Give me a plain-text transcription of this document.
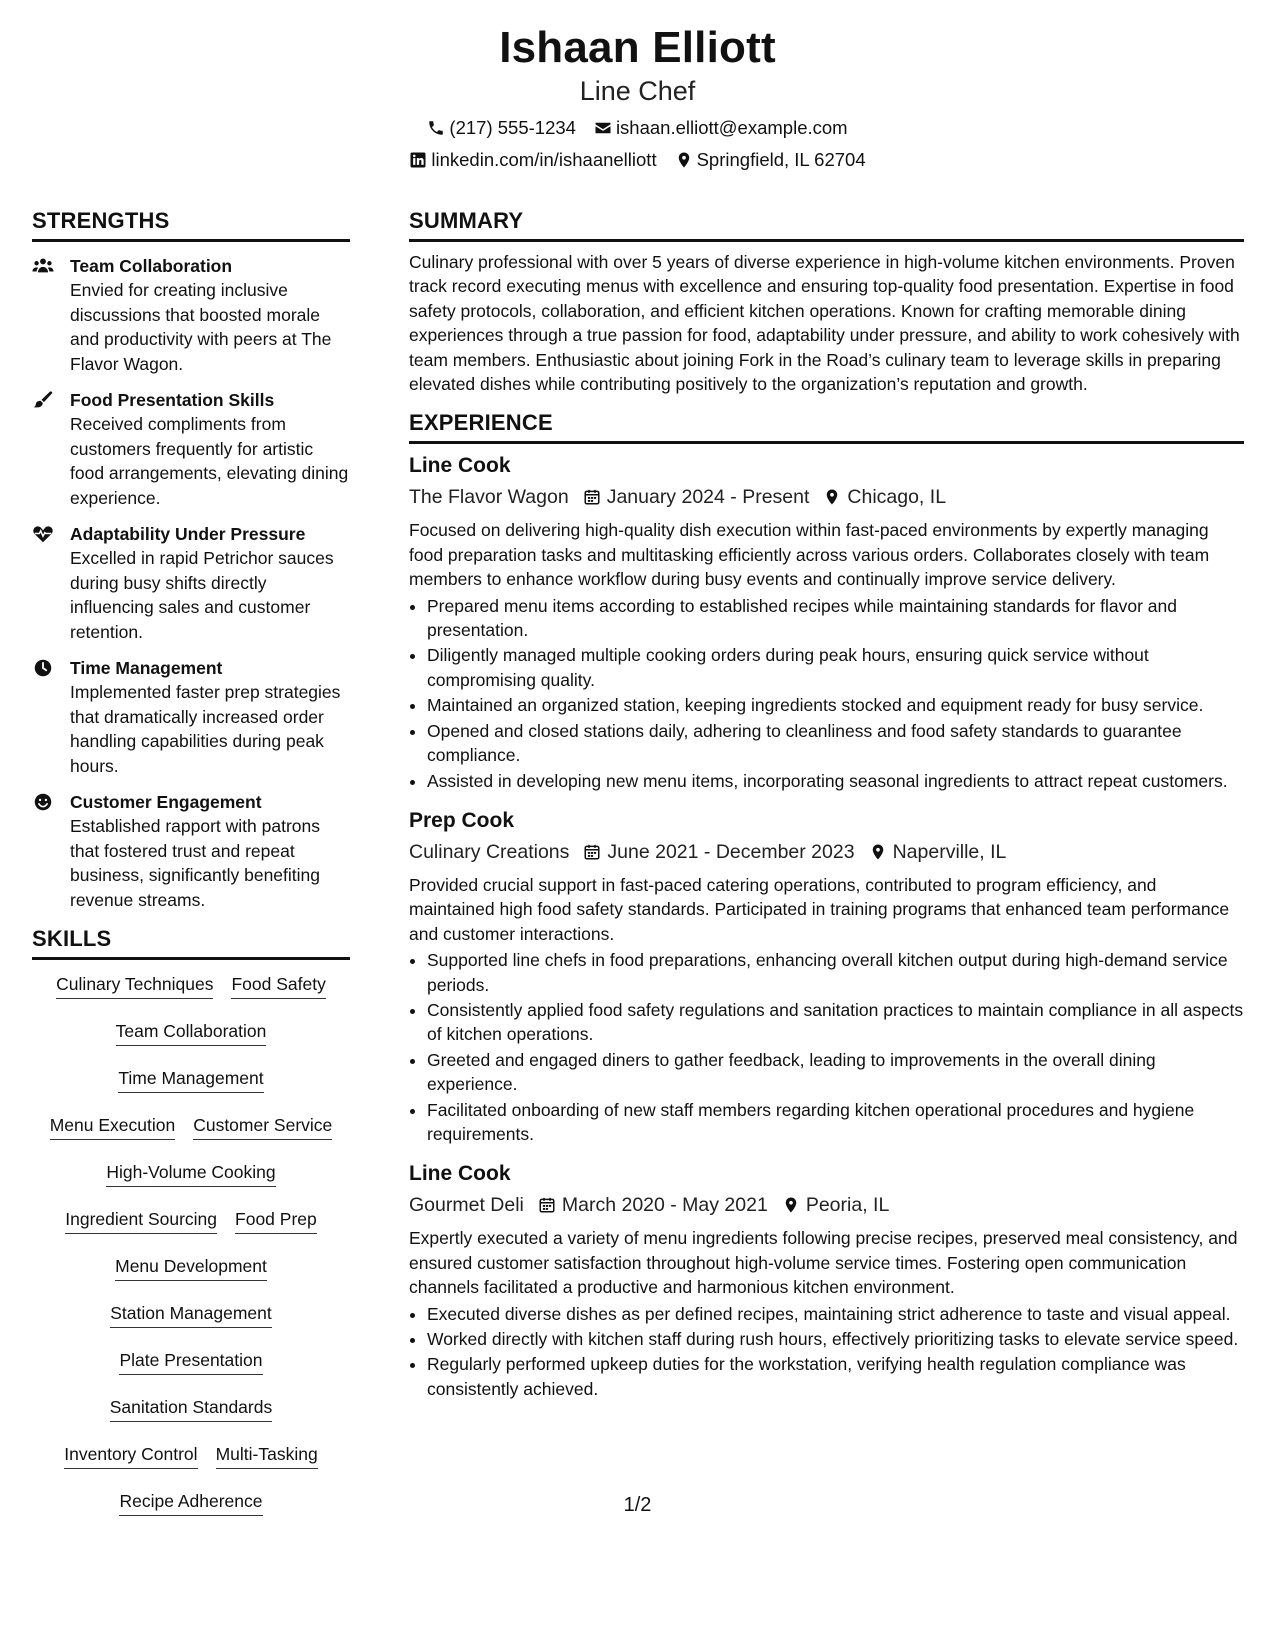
Ishaan Elliott
Line Chef
(217) 555-1234 ishaan.elliott@example.com
linkedin.com/in/ishaanelliott Springfield, IL 62704
STRENGTHS
Team Collaboration
Envied for creating inclusive discussions that boosted morale and productivity with peers at The Flavor Wagon.
Food Presentation Skills
Received compliments from customers frequently for artistic food arrangements, elevating dining experience.
Adaptability Under Pressure
Excelled in rapid Petrichor sauces during busy shifts directly influencing sales and customer retention.
Time Management
Implemented faster prep strategies that dramatically increased order handling capabilities during peak hours.
Customer Engagement
Established rapport with patrons that fostered trust and repeat business, significantly benefiting revenue streams.
SKILLS
Culinary Techniques Food Safety
Team Collaboration
Time Management
Menu Execution Customer Service
High-Volume Cooking
Ingredient Sourcing Food Prep
Menu Development
Station Management
Plate Presentation
Sanitation Standards
Inventory Control Multi-Tasking
Recipe Adherence
SUMMARY

Culinary professional with over 5 years of diverse experience in high-volume kitchen environments. Proven track record executing menus with excellence and ensuring top-quality food presentation. Expertise in food safety protocols, collaboration, and efficient kitchen operations. Known for crafting memorable dining experiences through a true passion for food, adaptability under pressure, and ability to work cohesively with team members. Enthusiastic about joining Fork in the Road’s culinary team to leverage skills in preparing elevated dishes while contributing positively to the organization’s reputation and growth.

EXPERIENCE
Line Cook
The Flavor Wagon January 2024 - Present Chicago, IL

Focused on delivering high-quality dish execution within fast-paced environments by expertly managing food preparation tasks and multitasking efficiently across various orders. Collaborates closely with team members to enhance workflow during busy events and continually improve service delivery.

• Prepared menu items according to established recipes while maintaining standards for flavor and presentation.
• Diligently managed multiple cooking orders during peak hours, ensuring quick service without compromising quality.
• Maintained an organized station, keeping ingredients stocked and equipment ready for busy service.
• Opened and closed stations daily, adhering to cleanliness and food safety standards to guarantee compliance.
• Assisted in developing new menu items, incorporating seasonal ingredients to attract repeat customers.
Prep Cook
Culinary Creations June 2021 - December 2023 Naperville, IL

Provided crucial support in fast-paced catering operations, contributed to program efficiency, and maintained high food safety standards. Participated in training programs that enhanced team performance and customer interactions.

• Supported line chefs in food preparations, enhancing overall kitchen output during high-demand service periods.
• Consistently applied food safety regulations and sanitation practices to maintain compliance in all aspects of kitchen operations.
• Greeted and engaged diners to gather feedback, leading to improvements in the overall dining experience.
• Facilitated onboarding of new staff members regarding kitchen operational procedures and hygiene requirements.
Line Cook
Gourmet Deli March 2020 - May 2021 Peoria, IL

Expertly executed a variety of menu ingredients following precise recipes, preserved meal consistency, and ensured customer satisfaction throughout high-volume service times. Fostering open communication channels facilitated a productive and harmonious kitchen environment.

• Executed diverse dishes as per defined recipes, maintaining strict adherence to taste and visual appeal.
• Worked directly with kitchen staff during rush hours, effectively prioritizing tasks to elevate service speed.
• Regularly performed upkeep duties for the workstation, verifying health regulation compliance was consistently achieved.
1/2
